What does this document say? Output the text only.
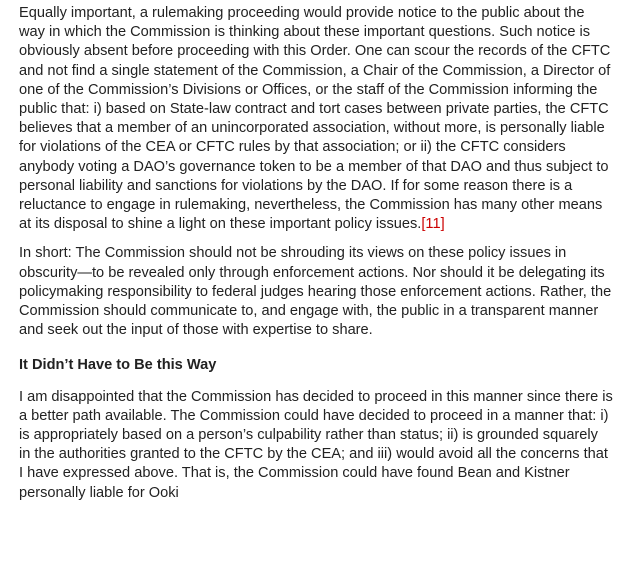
Equally important, a rulemaking proceeding would provide notice to the public about the way in which the Commission is thinking about these important questions. Such notice is obviously absent before proceeding with this Order. One can scour the records of the CFTC and not find a single statement of the Commission, a Chair of the Commission, a Director of one of the Commission’s Divisions or Offices, or the staff of the Commission informing the public that: i) based on State-law contract and tort cases between private parties, the CFTC believes that a member of an unincorporated association, without more, is personally liable for violations of the CEA or CFTC rules by that association; or ii) the CFTC considers anybody voting a DAO’s governance token to be a member of that DAO and thus subject to personal liability and sanctions for violations by the DAO. If for some reason there is a reluctance to engage in rulemaking, nevertheless, the Commission has many other means at its disposal to shine a light on these important policy issues.[11]

In short: The Commission should not be shrouding its views on these policy issues in obscurity—to be revealed only through enforcement actions. Nor should it be delegating its policymaking responsibility to federal judges hearing those enforcement actions. Rather, the Commission should communicate to, and engage with, the public in a transparent manner and seek out the input of those with expertise to share.

It Didn’t Have to Be this Way

I am disappointed that the Commission has decided to proceed in this manner since there is a better path available. The Commission could have decided to proceed in a manner that: i) is appropriately based on a person’s culpability rather than status; ii) is grounded squarely in the authorities granted to the CFTC by the CEA; and iii) would avoid all the concerns that I have expressed above. That is, the Commission could have found Bean and Kistner personally liable for Ooki
